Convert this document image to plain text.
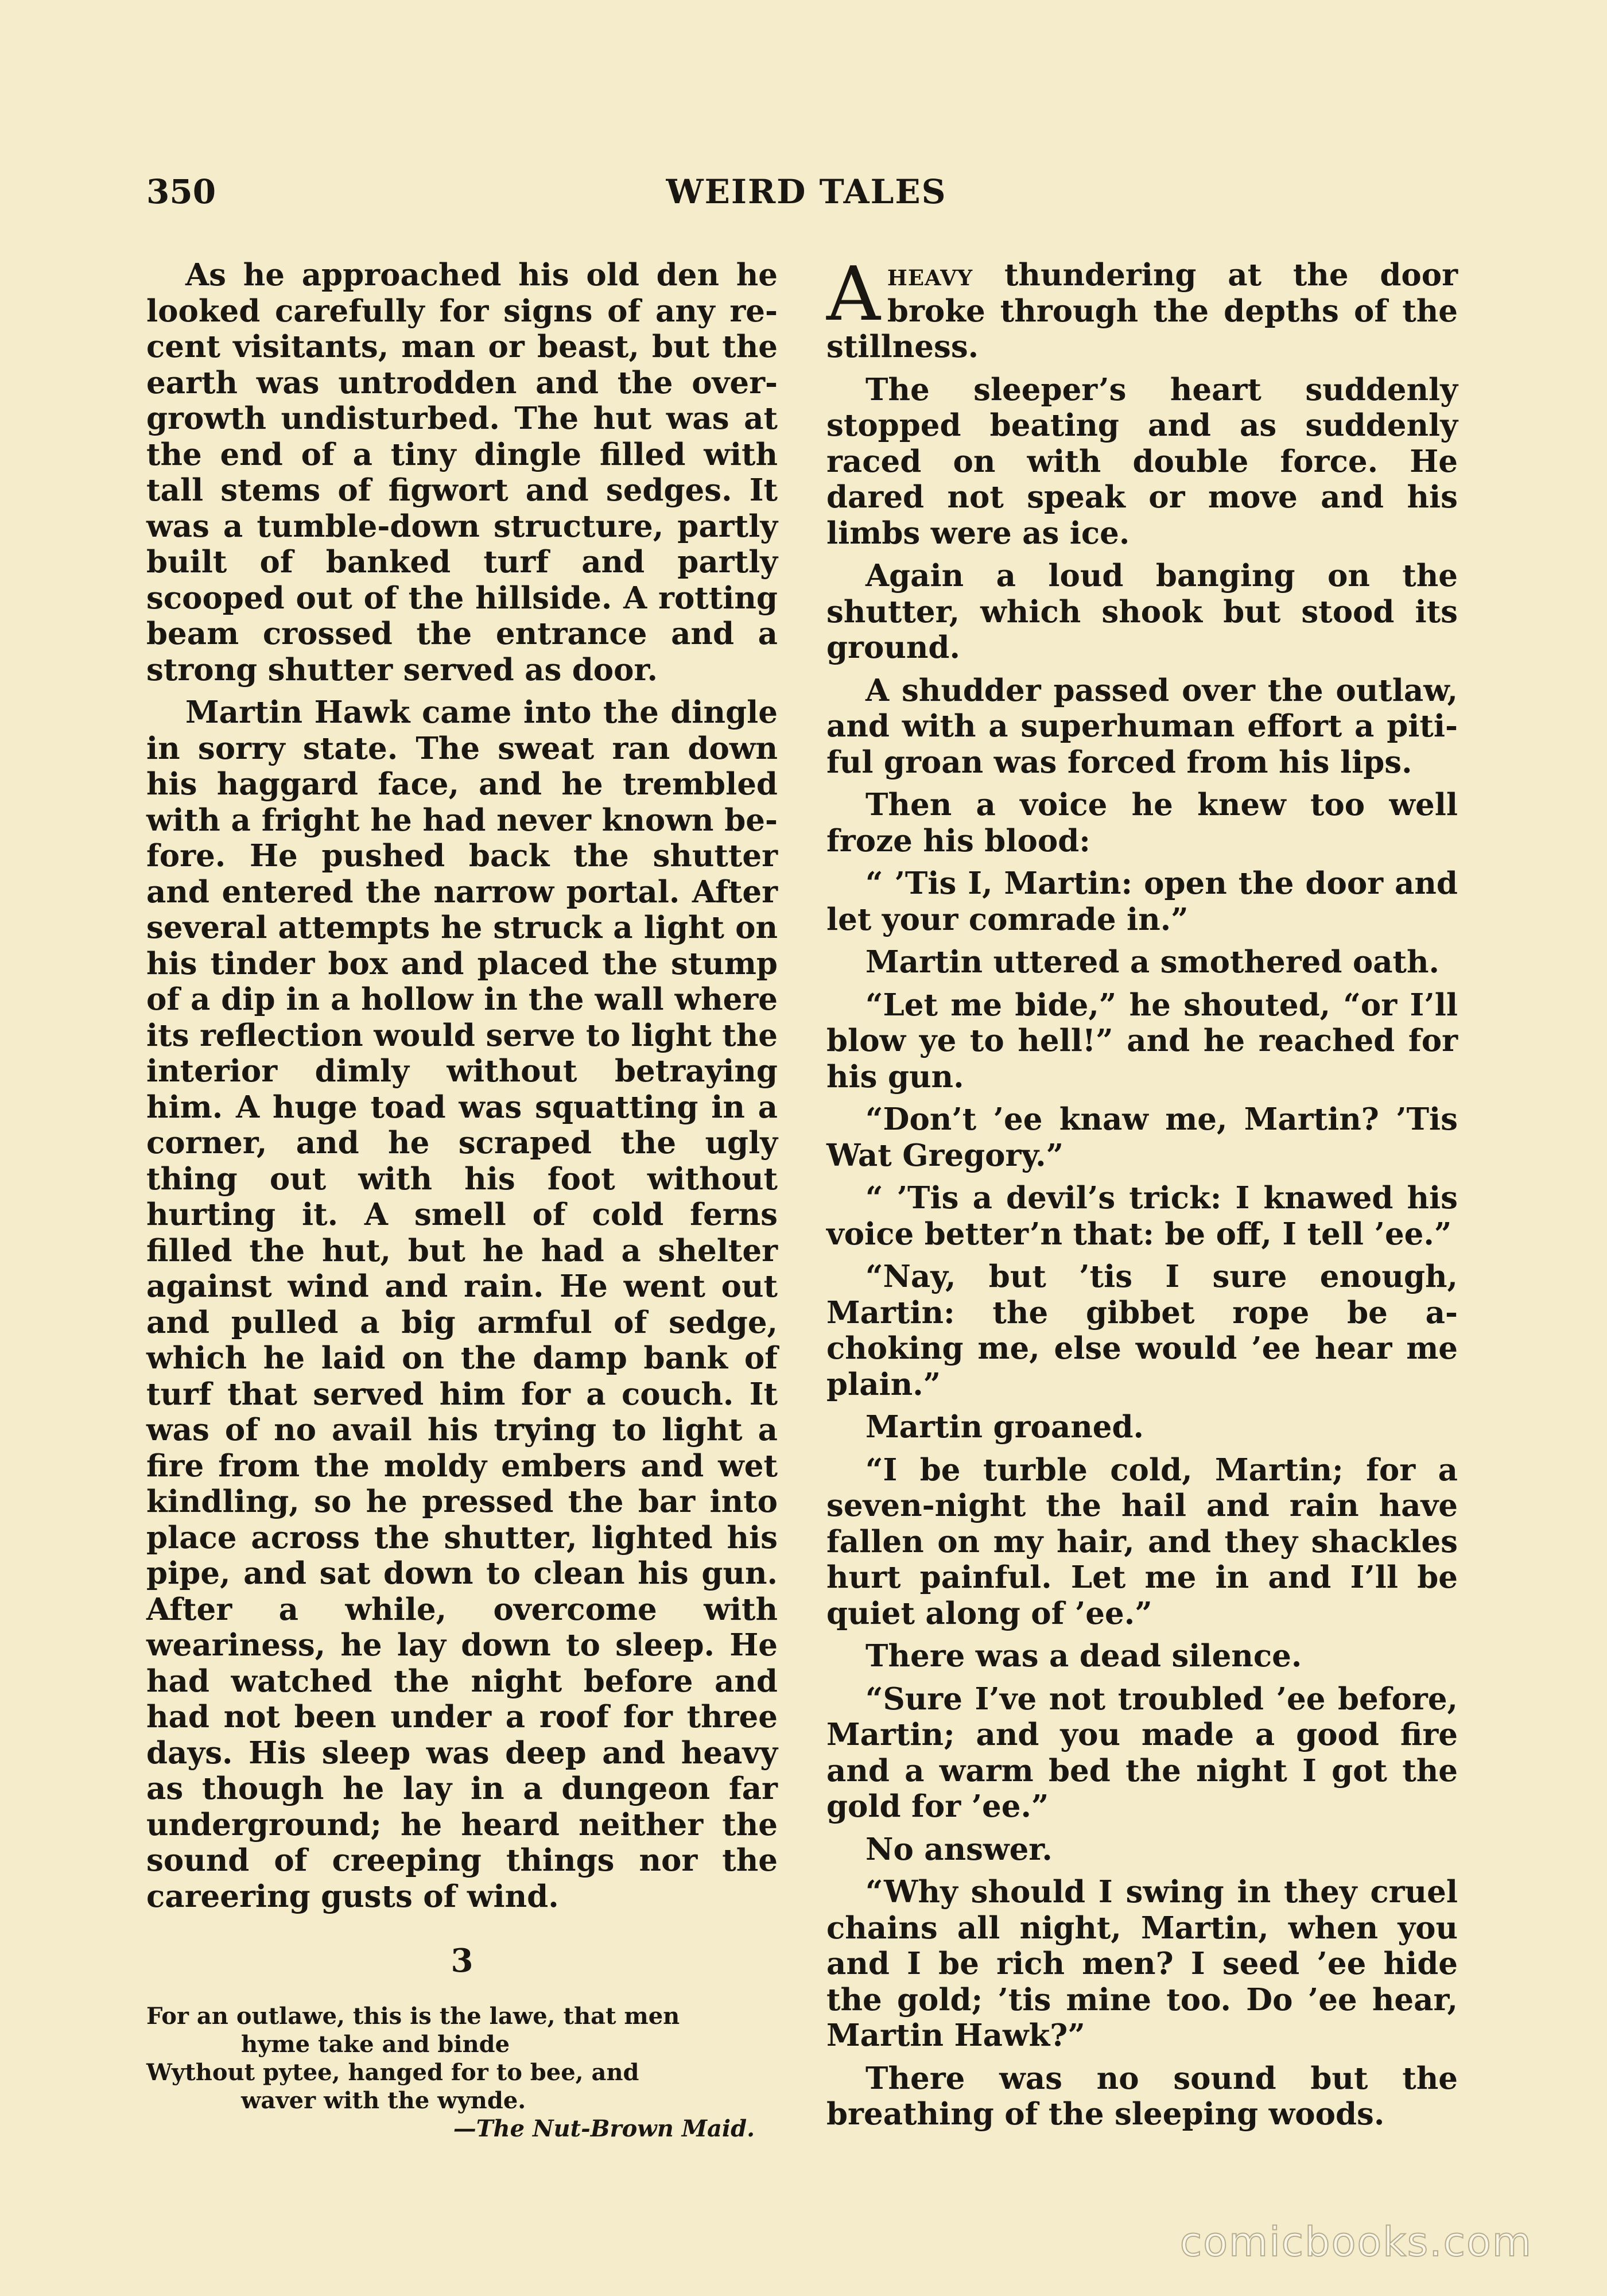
350	WEIRD TALES

As he approached his old den he looked carefully for signs of any recent visitants, man or beast, but the earth was untrodden and the overgrowth undisturbed. The hut was at the end of a tiny dingle filled with tall stems of figwort and sedges. It was a tumble-down structure, partly built of banked turf and partly scooped out of the hillside. A rotting beam crossed the entrance and a strong shutter served as door.

Martin Hawk came into the dingle in sorry state. The sweat ran down his haggard face, and he trembled with a fright he had never known before. He pushed back the shutter and entered the narrow portal. After several attempts he struck a light on his tinder box and placed the stump of a dip in a hollow in the wall where its reflection would serve to light the interior dimly without betraying him. A huge toad was squatting in a corner, and he scraped the ugly thing out with his foot without hurting it. A smell of cold ferns filled the hut, but he had a shelter against wind and rain. He went out and pulled a big armful of sedge, which he laid on the damp bank of turf that served him for a couch. It was of no avail his trying to light a fire from the moldy embers and wet kindling, so he pressed the bar into place across the shutter, lighted his pipe, and sat down to clean his gun. After a while, overcome with weariness, he lay down to sleep. He had watched the night before and had not been under a roof for three days. His sleep was deep and heavy as though he lay in a dungeon far underground; he heard neither the sound of creeping things nor the careering gusts of wind.

3
For an outlawe, this is the lawe, that men
hyme take and binde
Wythout pytee, hanged for to bee, and
waver with the wynde.
—The Nut-Brown Maid.

Aheavy thundering at the door broke through the depths of the stillness.

The sleeper’s heart suddenly stopped beating and as suddenly raced on with double force. He dared not speak or move and his limbs were as ice.

Again a loud banging on the shutter, which shook but stood its ground.

A shudder passed over the outlaw, and with a superhuman effort a pitiful groan was forced from his lips.

Then a voice he knew too well froze his blood:

“ ’Tis I, Martin: open the door and let your comrade in.”

Martin uttered a smothered oath.

“Let me bide,” he shouted, “or I’ll blow ye to hell!” and he reached for his gun.

“Don’t ’ee knaw me, Martin? ’Tis Wat Gregory.”

“ ’Tis a devil’s trick: I knawed his voice better’n that: be off, I tell ’ee.”

“Nay, but ’tis I sure enough, Martin: the gibbet rope be a-choking me, else would ’ee hear me plain.”

Martin groaned.

“I be turble cold, Martin; for a seven-night the hail and rain have fallen on my hair, and they shackles hurt painful. Let me in and I’ll be quiet along of ’ee.”

There was a dead silence.

“Sure I’ve not troubled ’ee before, Martin; and you made a good fire and a warm bed the night I got the gold for ’ee.”

No answer.

“Why should I swing in they cruel chains all night, Martin, when you and I be rich men? I seed ’ee hide the gold; ’tis mine too. Do ’ee hear, Martin Hawk?”

There was no sound but the breathing of the sleeping woods.

comicbooks.com
